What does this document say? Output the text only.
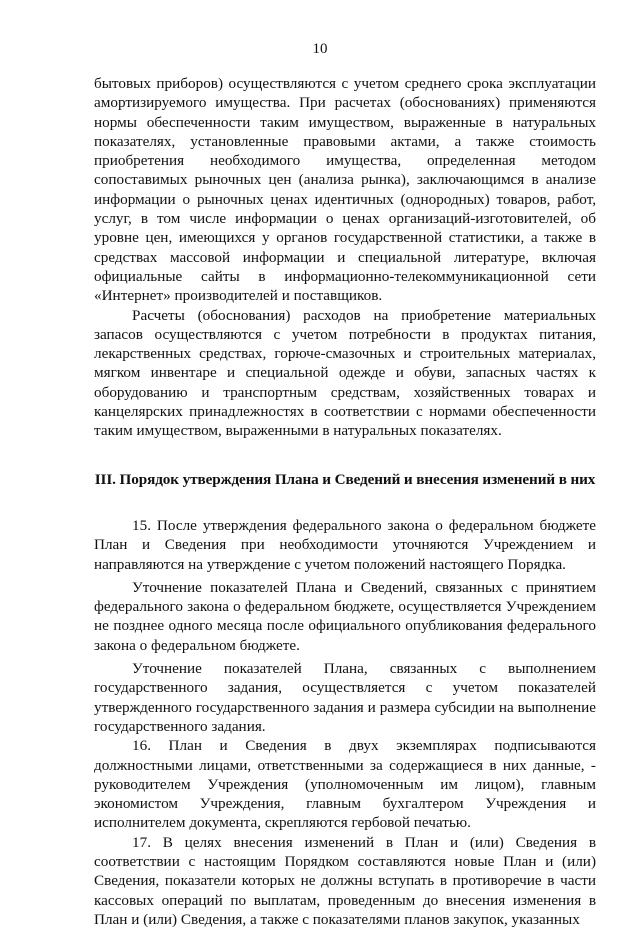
10

бытовых приборов) осуществляются с учетом среднего срока эксплуатации амортизируемого имущества. При расчетах (обоснованиях) применяются нормы обеспеченности таким имуществом, выраженные в натуральных показателях, установленные правовыми актами, а также стоимость приобретения необходимого имущества, определенная методом сопоставимых рыночных цен (анализа рынка), заключающимся в анализе информации о рыночных ценах идентичных (однородных) товаров, работ, услуг, в том числе информации о ценах организаций-изготовителей, об уровне цен, имеющихся у органов государственной статистики, а также в средствах массовой информации и специальной литературе, включая официальные сайты в информационно-телекоммуникационной сети «Интернет» производителей и поставщиков.

Расчеты (обоснования) расходов на приобретение материальных запасов осуществляются с учетом потребности в продуктах питания, лекарственных средствах, горюче-смазочных и строительных материалах, мягком инвентаре и специальной одежде и обуви, запасных частях к оборудованию и транспортным средствам, хозяйственных товарах и канцелярских принадлежностях в соответствии с нормами обеспеченности таким имуществом, выраженными в натуральных показателях.

III. Порядок утверждения Плана и Сведений и внесения изменений в них

15. После утверждения федерального закона о федеральном бюджете План и Сведения при необходимости уточняются Учреждением и направляются на утверждение с учетом положений настоящего Порядка.

Уточнение показателей Плана и Сведений, связанных с принятием федерального закона о федеральном бюджете, осуществляется Учреждением не позднее одного месяца после официального опубликования федерального закона о федеральном бюджете.

Уточнение показателей Плана, связанных с выполнением государственного задания, осуществляется с учетом показателей утвержденного государственного задания и размера субсидии на выполнение государственного задания.

16. План и Сведения в двух экземплярах подписываются должностными лицами, ответственными за содержащиеся в них данные, - руководителем Учреждения (уполномоченным им лицом), главным экономистом Учреждения, главным бухгалтером Учреждения и исполнителем документа, скрепляются гербовой печатью.

17. В целях внесения изменений в План и (или) Сведения в соответствии с настоящим Порядком составляются новые План и (или) Сведения, показатели которых не должны вступать в противоречие в части кассовых операций по выплатам, проведенным до внесения изменения в План и (или) Сведения, а также с показателями планов закупок, указанных
